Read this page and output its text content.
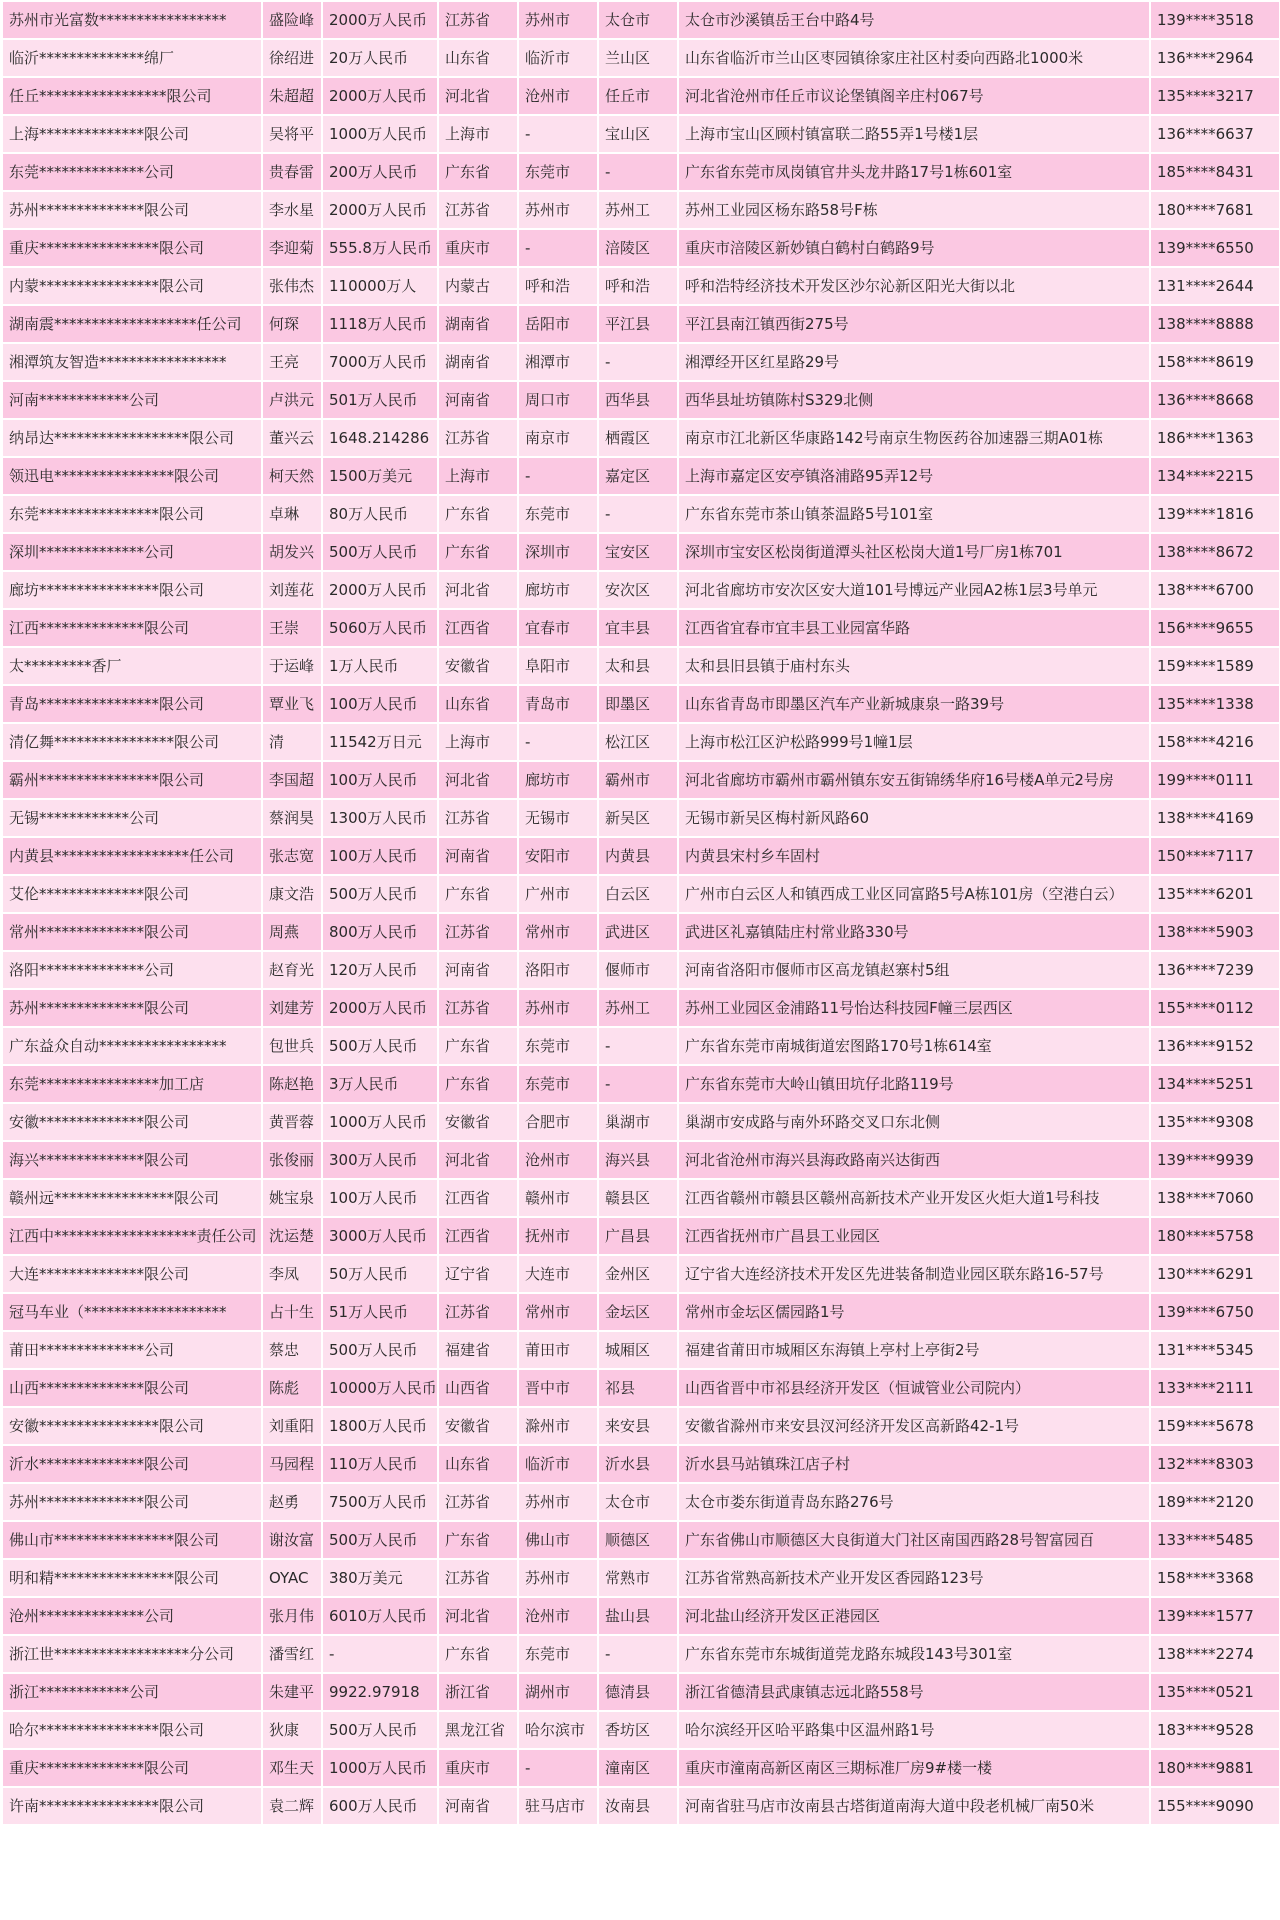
苏州市光富数*****************	盛险峰	2000万人民币	江苏省	苏州市	太仓市	太仓市沙溪镇岳王台中路4号	139****3518
临沂**************绵厂	徐绍进	20万人民币	山东省	临沂市	兰山区	山东省临沂市兰山区枣园镇徐家庄社区村委向西路北1000米	136****2964
任丘*****************限公司	朱超超	2000万人民币	河北省	沧州市	任丘市	河北省沧州市任丘市议论堡镇阁辛庄村067号	135****3217
上海**************限公司	吴将平	1000万人民币	上海市	-	宝山区	上海市宝山区顾村镇富联二路55弄1号楼1层	136****6637
东莞**************公司	贵春雷	200万人民币	广东省	东莞市	-	广东省东莞市凤岗镇官井头龙井路17号1栋601室	185****8431
苏州**************限公司	李水星	2000万人民币	江苏省	苏州市	苏州工	苏州工业园区杨东路58号F栋	180****7681
重庆****************限公司	李迎菊	555.8万人民币	重庆市	-	涪陵区	重庆市涪陵区新妙镇白鹤村白鹤路9号	139****6550
内蒙****************限公司	张伟杰	110000万人	内蒙古	呼和浩	呼和浩	呼和浩特经济技术开发区沙尔沁新区阳光大街以北	131****2644
湖南震*******************任公司	何琛	1118万人民币	湖南省	岳阳市	平江县	平江县南江镇西街275号	138****8888
湘潭筑友智造*****************	王亮	7000万人民币	湖南省	湘潭市	-	湘潭经开区红星路29号	158****8619
河南************公司	卢洪元	501万人民币	河南省	周口市	西华县	西华县址坊镇陈村S329北侧	136****8668
纳昂达******************限公司	董兴云	1648.214286	江苏省	南京市	栖霞区	南京市江北新区华康路142号南京生物医药谷加速器三期A01栋	186****1363
领迅电****************限公司	柯天然	1500万美元	上海市	-	嘉定区	上海市嘉定区安亭镇洛浦路95弄12号	134****2215
东莞****************限公司	卓琳	80万人民币	广东省	东莞市	-	广东省东莞市茶山镇茶温路5号101室	139****1816
深圳**************公司	胡发兴	500万人民币	广东省	深圳市	宝安区	深圳市宝安区松岗街道潭头社区松岗大道1号厂房1栋701	138****8672
廊坊****************限公司	刘莲花	2000万人民币	河北省	廊坊市	安次区	河北省廊坊市安次区安大道101号博远产业园A2栋1层3号单元	138****6700
江西**************限公司	王崇	5060万人民币	江西省	宜春市	宜丰县	江西省宜春市宜丰县工业园富华路	156****9655
太*********香厂	于运峰	1万人民币	安徽省	阜阳市	太和县	太和县旧县镇于庙村东头	159****1589
青岛****************限公司	覃业飞	100万人民币	山东省	青岛市	即墨区	山东省青岛市即墨区汽车产业新城康泉一路39号	135****1338
清亿舞****************限公司	清	11542万日元	上海市	-	松江区	上海市松江区沪松路999号1幢1层	158****4216
霸州****************限公司	李国超	100万人民币	河北省	廊坊市	霸州市	河北省廊坊市霸州市霸州镇东安五街锦绣华府16号楼A单元2号房	199****0111
无锡************公司	蔡润昊	1300万人民币	江苏省	无锡市	新吴区	无锡市新吴区梅村新风路60	138****4169
内黄县******************任公司	张志宽	100万人民币	河南省	安阳市	内黄县	内黄县宋村乡车固村	150****7117
艾伦**************限公司	康文浩	500万人民币	广东省	广州市	白云区	广州市白云区人和镇西成工业区同富路5号A栋101房（空港白云）	135****6201
常州**************限公司	周燕	800万人民币	江苏省	常州市	武进区	武进区礼嘉镇陆庄村常业路330号	138****5903
洛阳**************公司	赵育光	120万人民币	河南省	洛阳市	偃师市	河南省洛阳市偃师市区高龙镇赵寨村5组	136****7239
苏州**************限公司	刘建芳	2000万人民币	江苏省	苏州市	苏州工	苏州工业园区金浦路11号怡达科技园F幢三层西区	155****0112
广东益众自动*****************	包世兵	500万人民币	广东省	东莞市	-	广东省东莞市南城街道宏图路170号1栋614室	136****9152
东莞****************加工店	陈赵艳	3万人民币	广东省	东莞市	-	广东省东莞市大岭山镇田坑仔北路119号	134****5251
安徽**************限公司	黄晋蓉	1000万人民币	安徽省	合肥市	巢湖市	巢湖市安成路与南外环路交叉口东北侧	135****9308
海兴**************限公司	张俊丽	300万人民币	河北省	沧州市	海兴县	河北省沧州市海兴县海政路南兴达街西	139****9939
赣州远****************限公司	姚宝泉	100万人民币	江西省	赣州市	赣县区	江西省赣州市赣县区赣州高新技术产业开发区火炬大道1号科技	138****7060
江西中*******************责任公司	沈运楚	3000万人民币	江西省	抚州市	广昌县	江西省抚州市广昌县工业园区	180****5758
大连**************限公司	李凤	50万人民币	辽宁省	大连市	金州区	辽宁省大连经济技术开发区先进装备制造业园区联东路16-57号	130****6291
冠马车业（*******************	占十生	51万人民币	江苏省	常州市	金坛区	常州市金坛区儒园路1号	139****6750
莆田**************公司	蔡忠	500万人民币	福建省	莆田市	城厢区	福建省莆田市城厢区东海镇上亭村上亭街2号	131****5345
山西**************限公司	陈彪	10000万人民币	山西省	晋中市	祁县	山西省晋中市祁县经济开发区（恒诚管业公司院内）	133****2111
安徽****************限公司	刘重阳	1800万人民币	安徽省	滁州市	来安县	安徽省滁州市来安县汊河经济开发区高新路42-1号	159****5678
沂水**************限公司	马园程	110万人民币	山东省	临沂市	沂水县	沂水县马站镇珠江店子村	132****8303
苏州**************限公司	赵勇	7500万人民币	江苏省	苏州市	太仓市	太仓市娄东街道青岛东路276号	189****2120
佛山市****************限公司	谢汝富	500万人民币	广东省	佛山市	顺德区	广东省佛山市顺德区大良街道大门社区南国西路28号智富园百	133****5485
明和精****************限公司	OYAC	380万美元	江苏省	苏州市	常熟市	江苏省常熟高新技术产业开发区香园路123号	158****3368
沧州**************公司	张月伟	6010万人民币	河北省	沧州市	盐山县	河北盐山经济开发区正港园区	139****1577
浙江世******************分公司	潘雪红	-	广东省	东莞市	-	广东省东莞市东城街道莞龙路东城段143号301室	138****2274
浙江************公司	朱建平	9922.97918	浙江省	湖州市	德清县	浙江省德清县武康镇志远北路558号	135****0521
哈尔****************限公司	狄康	500万人民币	黑龙江省	哈尔滨市	香坊区	哈尔滨经开区哈平路集中区温州路1号	183****9528
重庆**************限公司	邓生天	1000万人民币	重庆市	-	潼南区	重庆市潼南高新区南区三期标准厂房9#楼一楼	180****9881
许南****************限公司	袁二辉	600万人民币	河南省	驻马店市	汝南县	河南省驻马店市汝南县古塔街道南海大道中段老机械厂南50米	155****9090
